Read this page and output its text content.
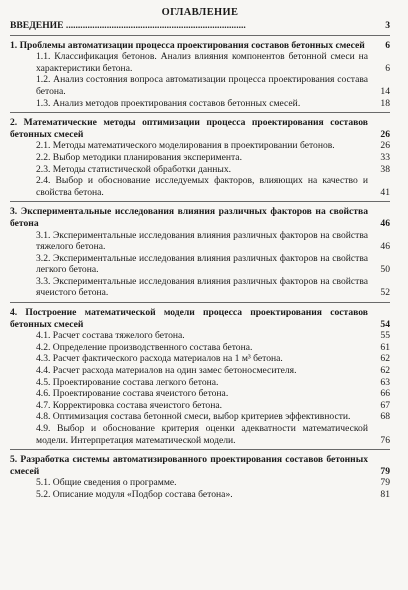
ОГЛАВЛЕНИЕ
ВВЕДЕНИЕ ...........................................................................	3
1. Проблемы автоматизации процесса проектирования составов бетонных смесей	6
1.1. Классификация бетонов. Анализ влияния компонентов бетонной смеси на характеристики бетона.	6
1.2. Анализ состояния вопроса автоматизации процесса проектирования состава бетона.	14
1.3. Анализ методов проектирования составов бетонных смесей.	18
2. Математические методы оптимизации процесса проектирования составов бетонных смесей	26
2.1. Методы математического моделирования в проектировании бетонов.	26
2.2. Выбор методики планирования эксперимента.	33
2.3. Методы статистической обработки данных.	38
2.4. Выбор и обоснование исследуемых факторов, влияющих на качество и свойства бетона.	41
3. Экспериментальные исследования влияния различных факторов на свойства бетона	46
3.1. Экспериментальные исследования влияния различных факторов на свойства тяжелого бетона.	46
3.2. Экспериментальные исследования влияния различных факторов на свойства легкого бетона.	50
3.3. Экспериментальные исследования влияния различных факторов на свойства ячеистого бетона.	52
4. Построение математической модели процесса проектирования составов бетонных смесей	54
4.1. Расчет состава тяжелого бетона.	55
4.2. Определение производственного состава бетона.	61
4.3. Расчет фактического расхода материалов на 1 м³ бетона.	62
4.4. Расчет расхода материалов на один замес бетоносмесителя.	62
4.5. Проектирование состава легкого бетона.	63
4.6. Проектирование состава ячеистого бетона.	66
4.7. Корректировка состава ячеистого бетона.	67
4.8. Оптимизация состава бетонной смеси, выбор критериев эффективности.	68
4.9. Выбор и обоснование критерия оценки адекватности математической модели. Интерпретация математической модели.	76
5. Разработка системы автоматизированного проектирования составов бетонных смесей	79
5.1. Общие сведения о программе.	79
5.2. Описание модуля «Подбор состава бетона».	81
